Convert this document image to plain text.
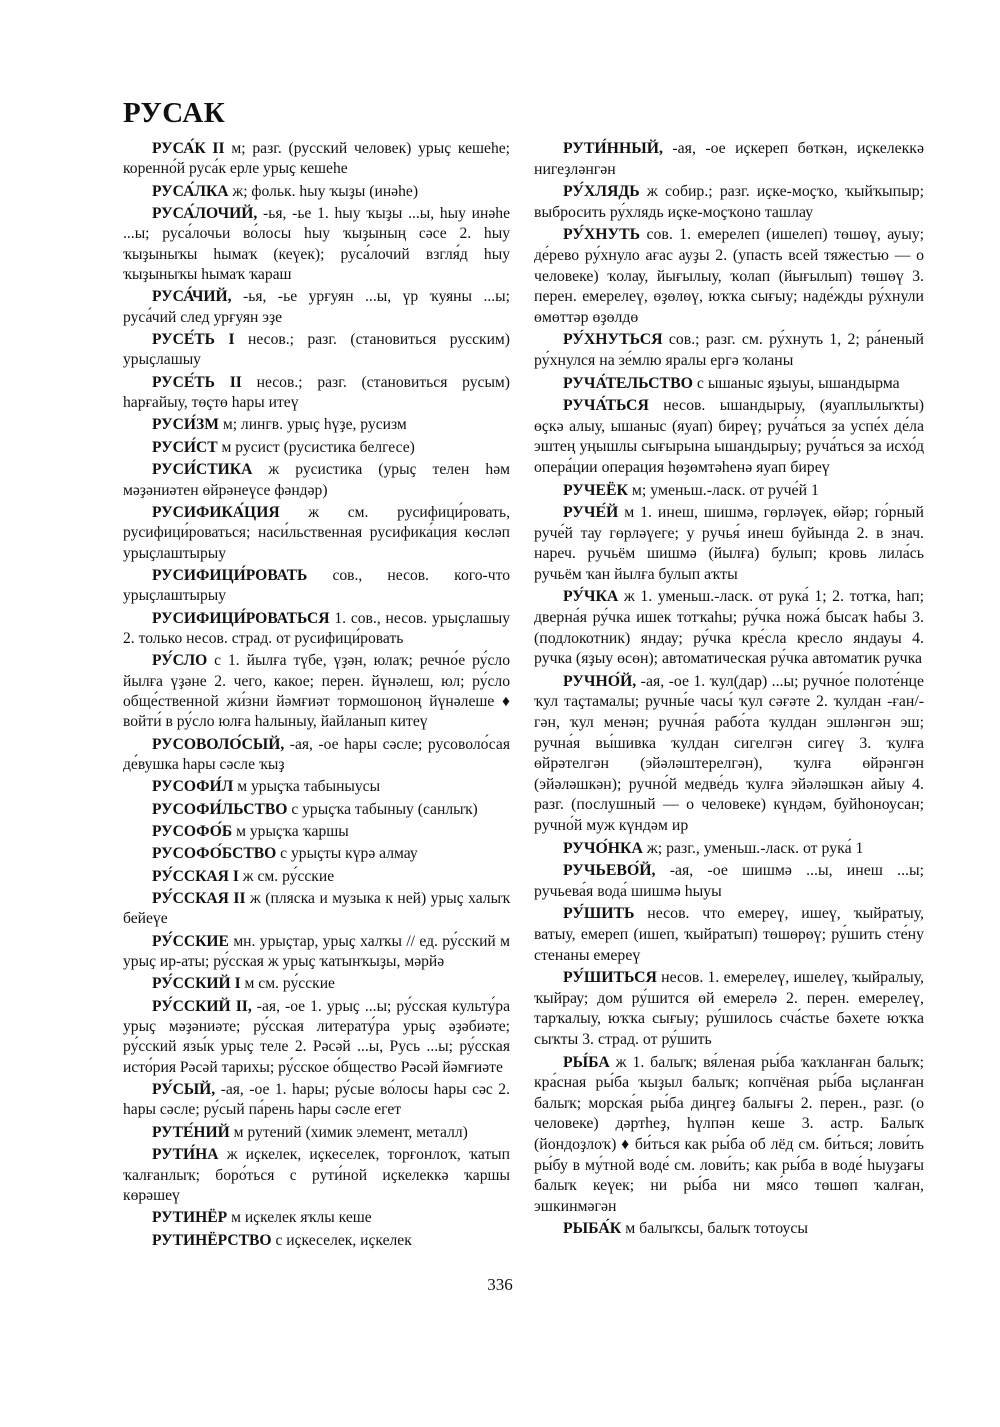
РУСАК

РУСА́К II м; разг. (русский человек) урыҫ кешеһе; коренно́й руса́к ерле урыҫ кешеһе

РУСА́ЛКА ж; фольк. һыу ҡыҙы (инәһе)

РУСА́ЛОЧИЙ, -ья, -ье 1. һыу ҡыҙы ...ы, һыу инәһе ...ы; руса́лочьи во́лосы һыу ҡыҙының сәсе 2. һыу ҡыҙыныҡы һымаҡ (кеүек); руса́лочий взгля́д һыу ҡыҙыныҡы һымаҡ ҡараш

РУСА́ЧИЙ, -ья, -ье урғуян ...ы, үр ҡуяны ...ы; руса́чий след урғуян эҙе

РУСЕ́ТЬ I несов.; разг. (становиться русским) урыҫлашыу

РУСЕ́ТЬ II несов.; разг. (становиться русым) һарғайыу, төҫтө һары итеү

РУСИ́ЗМ м; лингв. урыҫ һүҙе, русизм

РУСИ́СТ м русист (русистика белгесе)

РУСИ́СТИКА ж русистика (урыҫ телен һәм мәҙәниәтен өйрәнеүсе фәндәр)

РУСИФИКА́ЦИЯ ж см. русифици́ровать, русифици́роваться; наси́льственная русифика́ция көсләп урыҫлаштырыу

РУСИФИЦИ́РОВАТЬ сов., несов. кого-что урыҫлаштырыу

РУСИФИЦИ́РОВАТЬСЯ 1. сов., несов. урыҫлашыу 2. только несов. страд. от русифици́ровать

РУ́СЛО с 1. йылға түбе, үҙән, юлаҡ; речно́е ру́сло йылға үҙәне 2. чего, какое; перен. йүнәлеш, юл; ру́сло обще́ственной жи́зни йәмғиәт тормошоноң йүнәлеше ♦ войти́ в ру́сло юлға һалыныу, йайланып китеү

РУСОВОЛО́СЫЙ, -ая, -ое һары сәсле; русоволо́сая де́вушка һары сәсле ҡыҙ

РУСОФИ́Л м урыҫҡа табыныусы

РУСОФИ́ЛЬСТВО с урыҫҡа табыныу (санлыҡ)

РУСОФО́Б м урыҫҡа ҡаршы

РУСОФО́БСТВО с урыҫты күрә алмау

РУ́ССКАЯ I ж см. ру́сские

РУ́ССКАЯ II ж (пляска и музыка к ней) урыҫ халыҡ бейеүе

РУ́ССКИЕ мн. урыҫтар, урыҫ халҡы // ед. ру́сский м урыҫ ир-аты; ру́сская ж урыҫ ҡатынҡыҙы, мәрйә

РУ́ССКИЙ I м см. ру́сские

РУ́ССКИЙ II, -ая, -ое 1. урыҫ ...ы; ру́сская культу́ра урыҫ мәҙәниәте; ру́сская литерату́ра урыҫ әҙәбиәте; ру́сский язы́к урыҫ теле 2. Рәсәй ...ы, Русь ...ы; ру́сская исто́рия Рәсәй тарихы; ру́сское о́бщество Рәсәй йәмғиәте

РУ́СЫЙ, -ая, -ое 1. һары; ру́сые во́лосы һары сәс 2. һары сәсле; ру́сый па́рень һары сәсле егет

РУТЕ́НИЙ м рутений (химик элемент, металл)

РУТИ́НА ж иҫкелек, иҫкеселек, торғонлоҡ, ҡатып ҡалғанлыҡ; боро́ться с рути́ной иҫкелеккә ҡаршы көрәшеү

РУТИНЁР м иҫкелек яҡлы кеше

РУТИНЁРСТВО с иҫкеселек, иҫкелек

РУТИ́ННЫЙ, -ая, -ое иҫкереп бөткән, иҫкелеккә нигеҙләнгән

РУ́ХЛЯДЬ ж собир.; разг. иҫке-моҫҡо, ҡыйҡыпыр; выбросить ру́хлядь иҫке-моҫҡоно ташлау

РУ́ХНУТЬ сов. 1. емерелеп (ишелеп) төшөү, ауыу; де́рево ру́хнуло ағас ауҙы 2. (упасть всей тяжестью — о человеке) ҡолау, йығылыу, ҡолап (йығылып) төшөү 3. перен. емерелеү, өҙөлөү, юҡҡа сығыу; наде́жды ру́хнули өмөттәр өҙөлдө

РУ́ХНУТЬСЯ сов.; разг. см. ру́хнуть 1, 2; ра́неный ру́хнулся на зе́млю яралы ергә ҡоланы

РУЧА́ТЕЛЬСТВО с ышаныс яҙыуы, ышандырма

РУЧА́ТЬСЯ несов. ышандырыу, (яуаплылыҡты) өҫкә алыу, ышаныс (яуап) биреү; руча́ться за успе́х де́ла эштең уңышлы сығырына ышандырыу; руча́ться за исхо́д опера́ции операция һөҙөмтәһенә яуап биреү

РУЧЕЁК м; уменьш.-ласк. от руче́й 1

РУЧЕ́Й м 1. инеш, шишмә, гөрләүек, өйәр; го́рный руче́й тау гөрләүеге; у ручья́ инеш буйында 2. в знач. нареч. ручьём шишмә (йылға) булып; кровь лила́сь ручьём ҡан йылға булып аҡты

РУ́ЧКА ж 1. уменьш.-ласк. от рука́ 1; 2. тотҡа, һап; дверна́я ру́чка ишек тотҡаһы; ру́чка ножа́ бысаҡ һабы 3. (подлокотник) яндау; ру́чка кре́сла кресло яндауы 4. ручка (яҙыу өсөн); автоматическая ру́чка автоматик ручка

РУЧНО́Й, -ая, -ое 1. ҡул(дар) ...ы; ручно́е полоте́нце ҡул таҫтамалы; ручны́е часы́ ҡул сәғәте 2. ҡулдан -ған/-гән, ҡул менән; ручна́я рабо́та ҡулдан эшләнгән эш; ручна́я вы́шивка ҡулдан сигелгән сигеү 3. ҡулға өйрәтелгән (эйәләштерелгән), ҡулға өйрәнгән (эйәләшкән); ручно́й медве́дь ҡулға эйәләшкән айыу 4. разг. (послушный — о человеке) күндәм, буйһоноусан; ручно́й муж күндәм ир

РУЧО́НКА ж; разг., уменьш.-ласк. от рука́ 1

РУЧЬЕВО́Й, -ая, -ое шишмә ...ы, инеш ...ы; ручьева́я вода́ шишмә һыуы

РУ́ШИТЬ несов. что емереү, ишеү, ҡыйратыу, ватыу, емереп (ишеп, ҡыйратып) төшөрөү; ру́шить сте́ну стенаны емереү

РУ́ШИТЬСЯ несов. 1. емерелеү, ишелеү, ҡыйралыу, ҡыйрау; дом ру́шится өй емерелә 2. перен. емерелеү, тарҡалыу, юҡҡа сығыу; ру́шилось сча́стье бәхете юҡҡа сыҡты 3. страд. от ру́шить

РЫ́БА ж 1. балыҡ; вя́леная ры́ба ҡаҡланған балыҡ; кра́сная ры́ба ҡыҙыл балыҡ; копчёная ры́ба ыҫланған балыҡ; морска́я ры́ба диңгеҙ балығы 2. перен., разг. (о человеке) дәртһеҙ, һүлпән кеше 3. астр. Балыҡ (йондоҙлоҡ) ♦ би́ться как ры́ба об лёд см. би́ться; лови́ть ры́бу в му́тной воде́ см. лови́ть; как ры́ба в воде́ һыуҙағы балыҡ кеүек; ни ры́ба ни мя́со төшөп ҡалған, эшкинмәгән

РЫБА́К м балыҡсы, балыҡ тотоусы

336
